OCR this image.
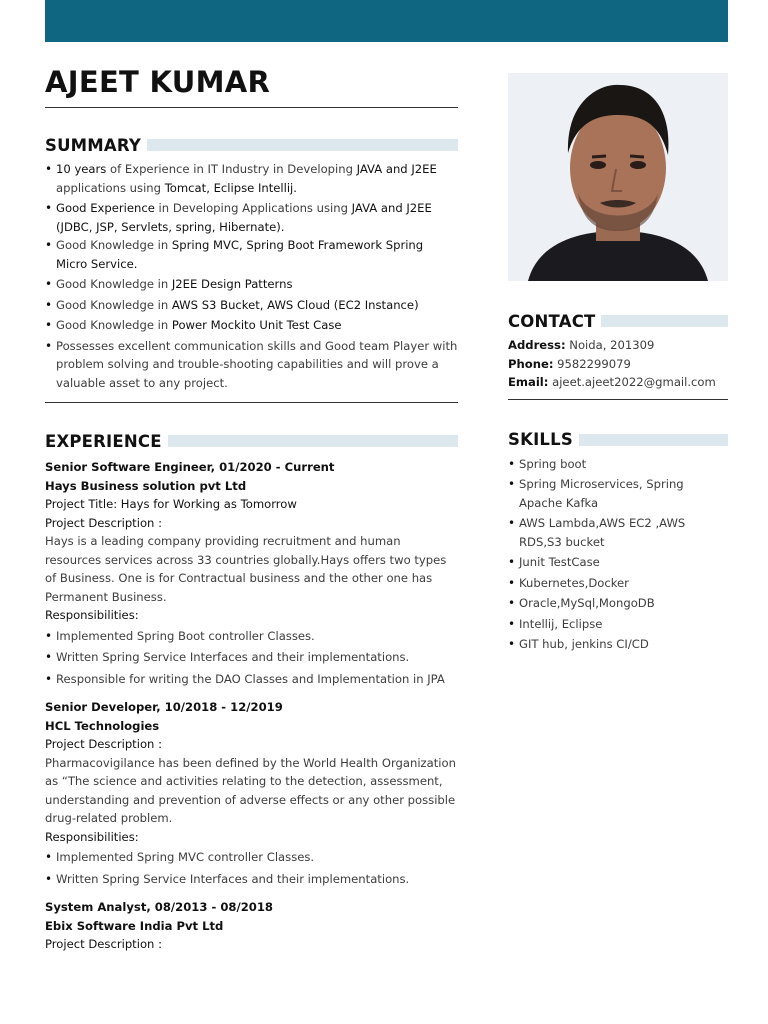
AJEET KUMAR
SUMMARY
• 10 years of Experience in IT Industry in Developing JAVA and J2EE applications using Tomcat, Eclipse Intellij.
• Good Experience in Developing Applications using JAVA and J2EE (JDBC, JSP, Servlets, spring, Hibernate).
• Good Knowledge in Spring MVC, Spring Boot Framework Spring Micro Service.
• Good Knowledge in J2EE Design Patterns
• Good Knowledge in AWS S3 Bucket, AWS Cloud (EC2 Instance)
• Good Knowledge in Power Mockito Unit Test Case
• Possesses excellent communication skills and Good team Player with problem solving and trouble-shooting capabilities and will prove a valuable asset to any project.
EXPERIENCE
Senior Software Engineer, 01/2020 - Current
Hays Business solution pvt Ltd
Project Title: Hays for Working as Tomorrow
Project Description :
Hays is a leading company providing recruitment and human resources services across 33 countries globally.Hays offers two types of Business. One is for Contractual business and the other one has Permanent Business.
Responsibilities:
• Implemented Spring Boot controller Classes.
• Written Spring Service Interfaces and their implementations.
• Responsible for writing the DAO Classes and Implementation in JPA
Senior Developer, 10/2018 - 12/2019
HCL Technologies
Project Description :
Pharmacovigilance has been defined by the World Health Organization as “The science and activities relating to the detection, assessment, understanding and prevention of adverse effects or any other possible drug-related problem.
Responsibilities:
• Implemented Spring MVC controller Classes.
• Written Spring Service Interfaces and their implementations.
System Analyst, 08/2013 - 08/2018
Ebix Software India Pvt Ltd
Project Description :
CONTACT
Address: Noida, 201309
Phone: 9582299079
Email: ajeet.ajeet2022@gmail.com
SKILLS
• Spring boot
• Spring Microservices, Spring Apache Kafka
• AWS Lambda,AWS EC2 ,AWS RDS,S3 bucket
• Junit TestCase
• Kubernetes,Docker
• Oracle,MySql,MongoDB
• Intellij, Eclipse
• GIT hub, jenkins CI/CD
